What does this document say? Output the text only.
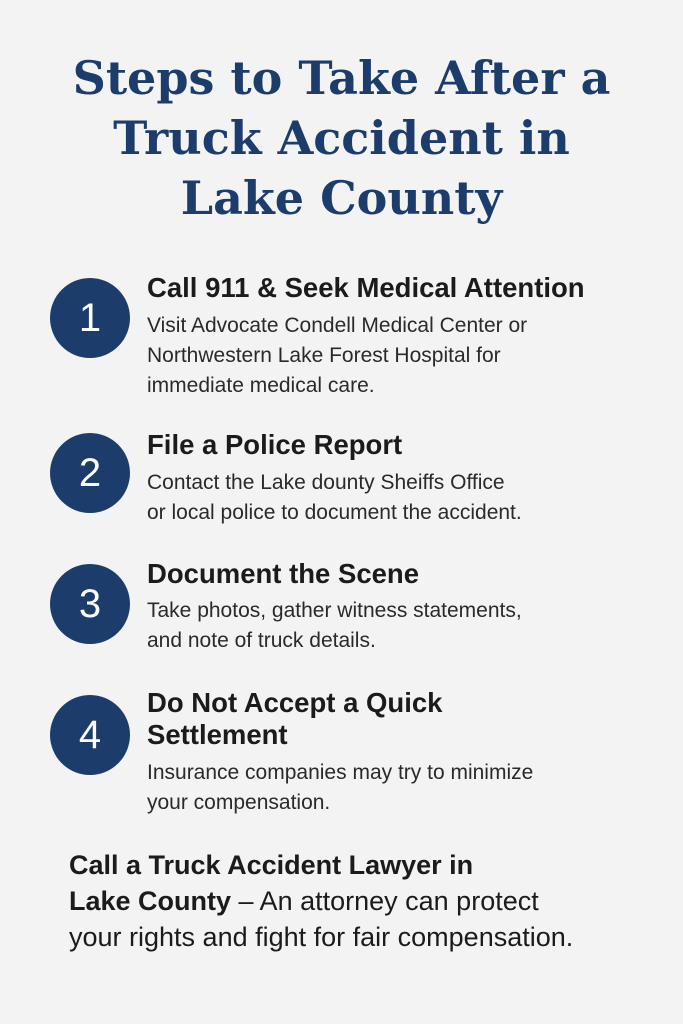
Steps to Take After a
Truck Accident in
Lake County
1

Call 911 & Seek Medical Attention

Visit Advocate Condell Medical Center or
Northwestern Lake Forest Hospital for
immediate medical care.

2

File a Police Report

Contact the Lake dounty Sheiffs Office
or local police to document the accident.

3

Document the Scene

Take photos, gather witness statements,
and note of truck details.

4

Do Not Accept a Quick
Settlement

Insurance companies may try to minimize
your compensation.

Call a Truck Accident Lawyer in
Lake County – An attorney can protect
your rights and fight for fair compensation.
